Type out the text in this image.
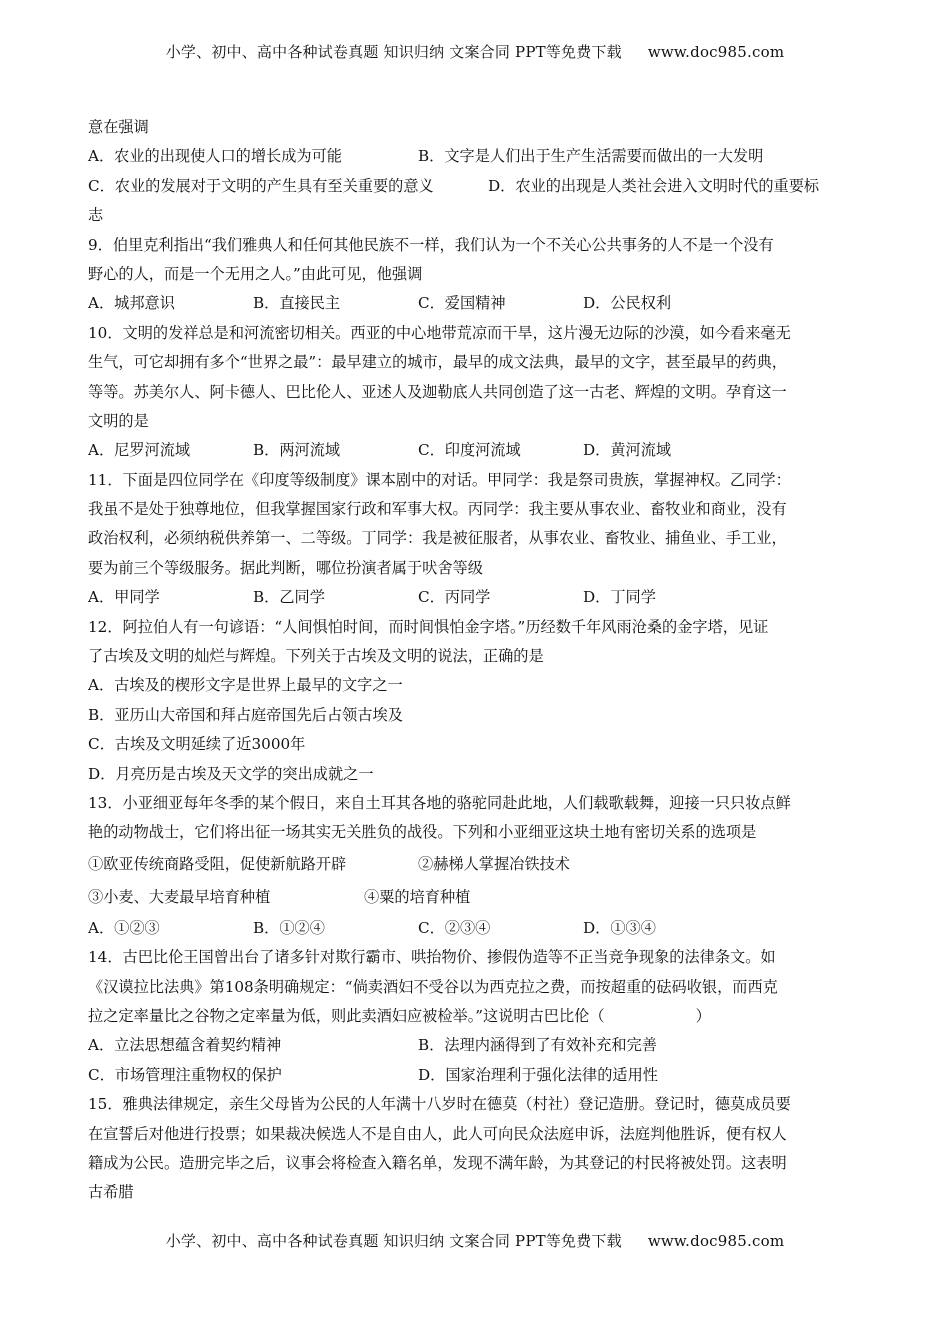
小学、初中、高中各种试卷真题 知识归纳 文案合同 PPT等免费下载 www.doc985.com
意在强调
A．农业的出现使人口的增长成为可能	B．文字是人们出于生产生活需要而做出的一大发明
C．农业的发展对于文明的产生具有至关重要的意义	D．农业的出现是人类社会进入文明时代的重要标
志
9．伯里克利指出“我们雅典人和任何其他民族不一样，我们认为一个不关心公共事务的人不是一个没有
野心的人，而是一个无用之人。”由此可见，他强调
A．城邦意识	B．直接民主	C．爱国精神	D．公民权利
10．文明的发祥总是和河流密切相关。西亚的中心地带荒凉而干旱，这片漫无边际的沙漠，如今看来毫无
生气，可它却拥有多个“世界之最”：最早建立的城市，最早的成文法典，最早的文字，甚至最早的药典，
等等。苏美尔人、阿卡德人、巴比伦人、亚述人及迦勒底人共同创造了这一古老、辉煌的文明。孕育这一
文明的是
A．尼罗河流域	B．两河流域	C．印度河流域	D．黄河流域
11．下面是四位同学在《印度等级制度》课本剧中的对话。甲同学：我是祭司贵族，掌握神权。乙同学：
我虽不是处于独尊地位，但我掌握国家行政和军事大权。丙同学：我主要从事农业、畜牧业和商业，没有
政治权利，必须纳税供养第一、二等级。丁同学：我是被征服者，从事农业、畜牧业、捕鱼业、手工业，
要为前三个等级服务。据此判断，哪位扮演者属于吠舍等级
A．甲同学	B．乙同学	C．丙同学	D．丁同学
12．阿拉伯人有一句谚语：“人间惧怕时间，而时间惧怕金字塔。”历经数千年风雨沧桑的金字塔，见证
了古埃及文明的灿烂与辉煌。下列关于古埃及文明的说法，正确的是
A．古埃及的楔形文字是世界上最早的文字之一
B．亚历山大帝国和拜占庭帝国先后占领古埃及
C．古埃及文明延续了近3000年
D．月亮历是古埃及天文学的突出成就之一
13．小亚细亚每年冬季的某个假日，来自土耳其各地的骆驼同赴此地，人们载歌载舞，迎接一只只妆点鲜
艳的动物战士，它们将出征一场其实无关胜负的战役。下列和小亚细亚这块土地有密切关系的选项是
①欧亚传统商路受阻，促使新航路开辟	②赫梯人掌握冶铁技术
③小麦、大麦最早培育种植	④粟的培育种植
A．①②③	B．①②④	C．②③④	D．①③④
14．古巴比伦王国曾出台了诸多针对欺行霸市、哄抬物价、掺假伪造等不正当竞争现象的法律条文。如
《汉谟拉比法典》第108条明确规定：“倘卖酒妇不受谷以为西克拉之费，而按超重的砝码收银，而西克
拉之定率量比之谷物之定率量为低，则此卖酒妇应被检举。”这说明古巴比伦（　　　　　　）
A．立法思想蕴含着契约精神	B．法理内涵得到了有效补充和完善
C．市场管理注重物权的保护	D．国家治理利于强化法律的适用性
15．雅典法律规定，亲生父母皆为公民的人年满十八岁时在德莫（村社）登记造册。登记时，德莫成员要
在宣誓后对他进行投票；如果裁决候选人不是自由人，此人可向民众法庭申诉，法庭判他胜诉，便有权人
籍成为公民。造册完毕之后，议事会将检查入籍名单，发现不满年龄，为其登记的村民将被处罚。这表明
古希腊
小学、初中、高中各种试卷真题 知识归纳 文案合同 PPT等免费下载 www.doc985.com
